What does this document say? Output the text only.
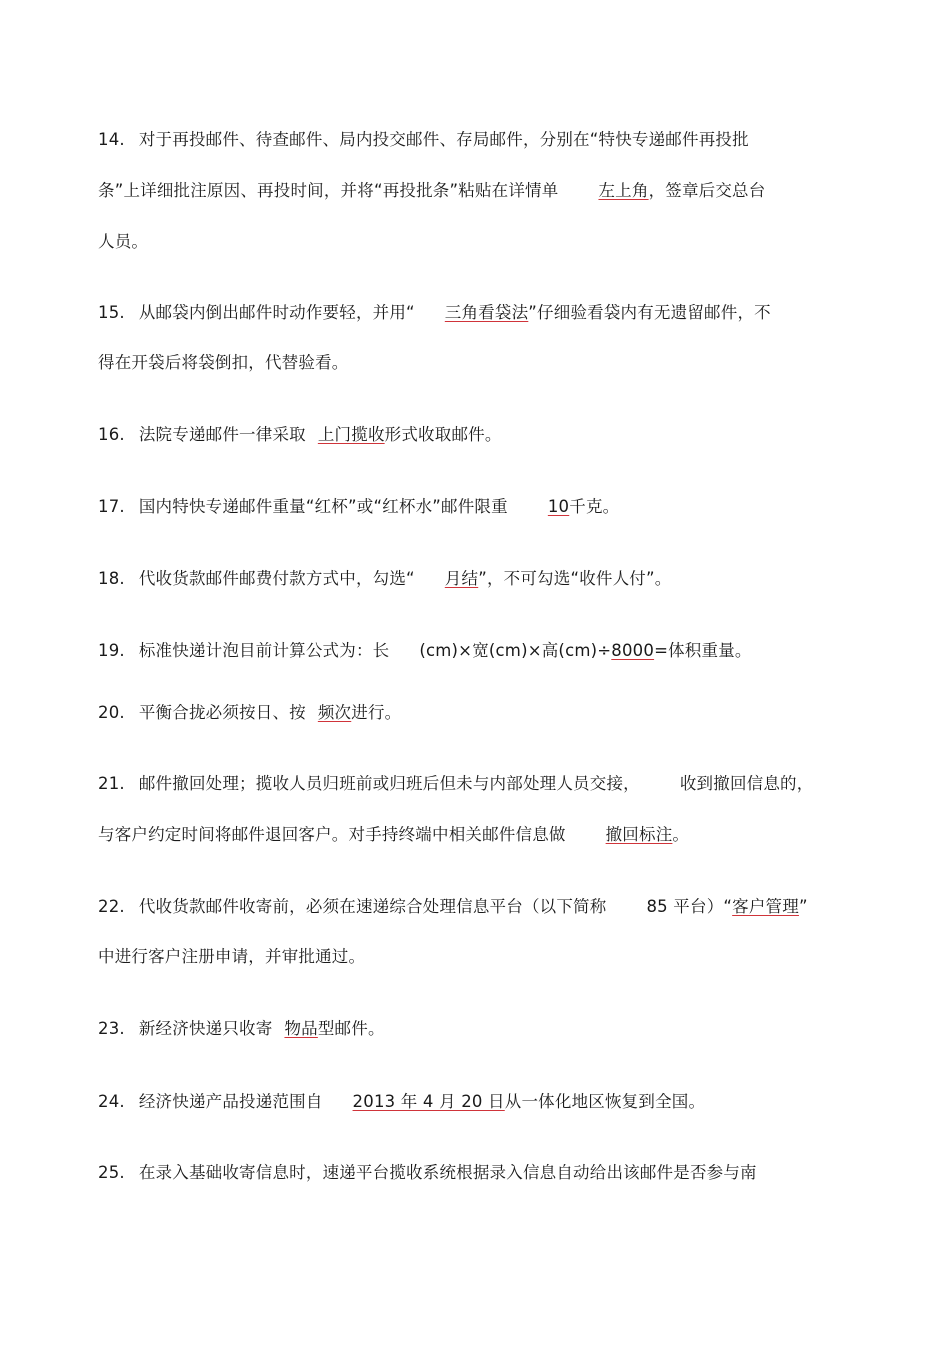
14. 对于再投邮件、待查邮件、局内投交邮件、存局邮件，分别在“特快专递邮件再投批
条”上详细批注原因、再投时间，并将“再投批条”粘贴在详情单 左上角，签章后交总台
人员。
15. 从邮袋内倒出邮件时动作要轻，并用“ 三角看袋法”仔细验看袋内有无遗留邮件，不
得在开袋后将袋倒扣，代替验看。
16. 法院专递邮件一律采取 上门揽收形式收取邮件。
17. 国内特快专递邮件重量“红杯”或“红杯水”邮件限重 10千克。
18. 代收货款邮件邮费付款方式中，勾选“ 月结”，不可勾选“收件人付”。
19. 标准快递计泡目前计算公式为：长 (cm)×宽(cm)×高(cm)÷8000=体积重量。
20. 平衡合拢必须按日、按 频次进行。
21. 邮件撤回处理；揽收人员归班前或归班后但未与内部处理人员交接， 收到撤回信息的，
与客户约定时间将邮件退回客户。对手持终端中相关邮件信息做 撤回标注。
22. 代收货款邮件收寄前，必须在速递综合处理信息平台（以下简称 85 平台）“客户管理”
中进行客户注册申请，并审批通过。
23. 新经济快递只收寄 物品型邮件。
24. 经济快递产品投递范围自 2013 年 4 月 20 日从一体化地区恢复到全国。
25. 在录入基础收寄信息时，速递平台揽收系统根据录入信息自动给出该邮件是否参与南
